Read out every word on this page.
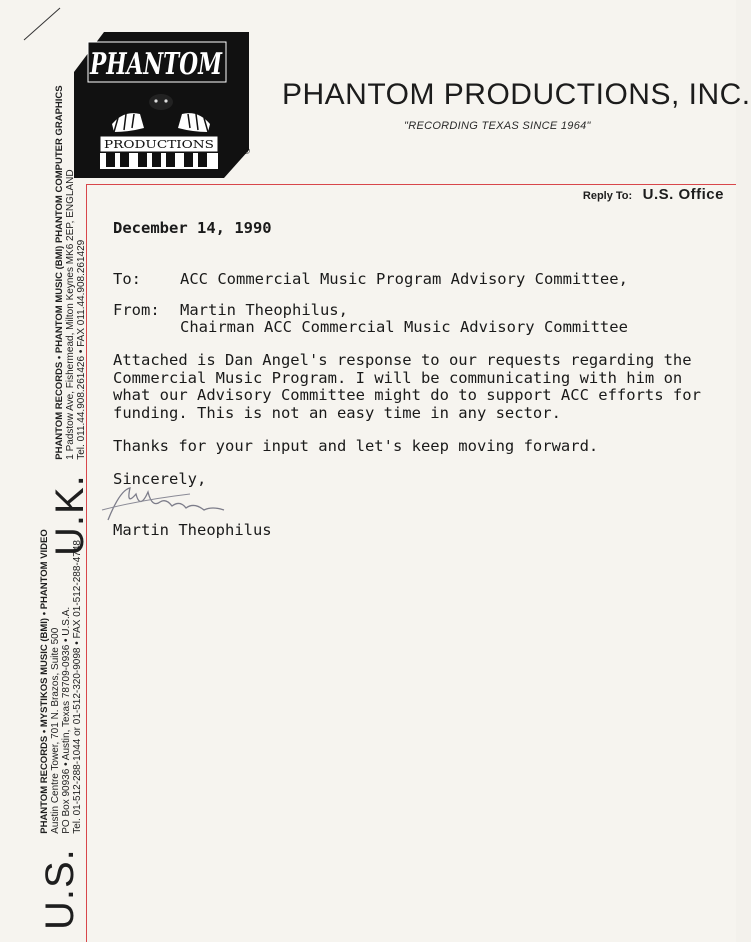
PHANTOM
PRODUCTIONS
®
PHANTOM PRODUCTIONS, INC.
"RECORDING TEXAS SINCE 1964"
Reply To: U.S. Office
December 14, 1990
To:	ACC Commercial Music Program Advisory Committee,
From: Martin Theophilus,
Chairman ACC Commercial Music Advisory Committee
Attached is Dan Angel's response to our requests regarding the
Commercial Music Program. I will be communicating with him on
what our Advisory Committee might do to support ACC efforts for
funding. This is not an easy time in any sector.
Thanks for your input and let's keep moving forward.
Sincerely,
Martin Theophilus
U.K.
PHANTOM RECORDS • PHANTOM MUSIC (BMI) PHANTOM COMPUTER GRAPHICS 1 Padstow Ave, Fishermead, Milton Keynes MK6 2EP, ENGLAND Tel. 011.44.908.261426 • FAX 011.44.908.261429
U.S.
PHANTOM RECORDS • MYSTIKOS MUSIC (BMI) • PHANTOM VIDEO Austin Centre Tower, 701 N. Brazos, Suite 500 PO Box 90936 • Austin, Texas 78709-0936 • U.S.A. Tel. 01-512-288-1044 or 01-512-320-9098 • FAX 01-512-288-4748
